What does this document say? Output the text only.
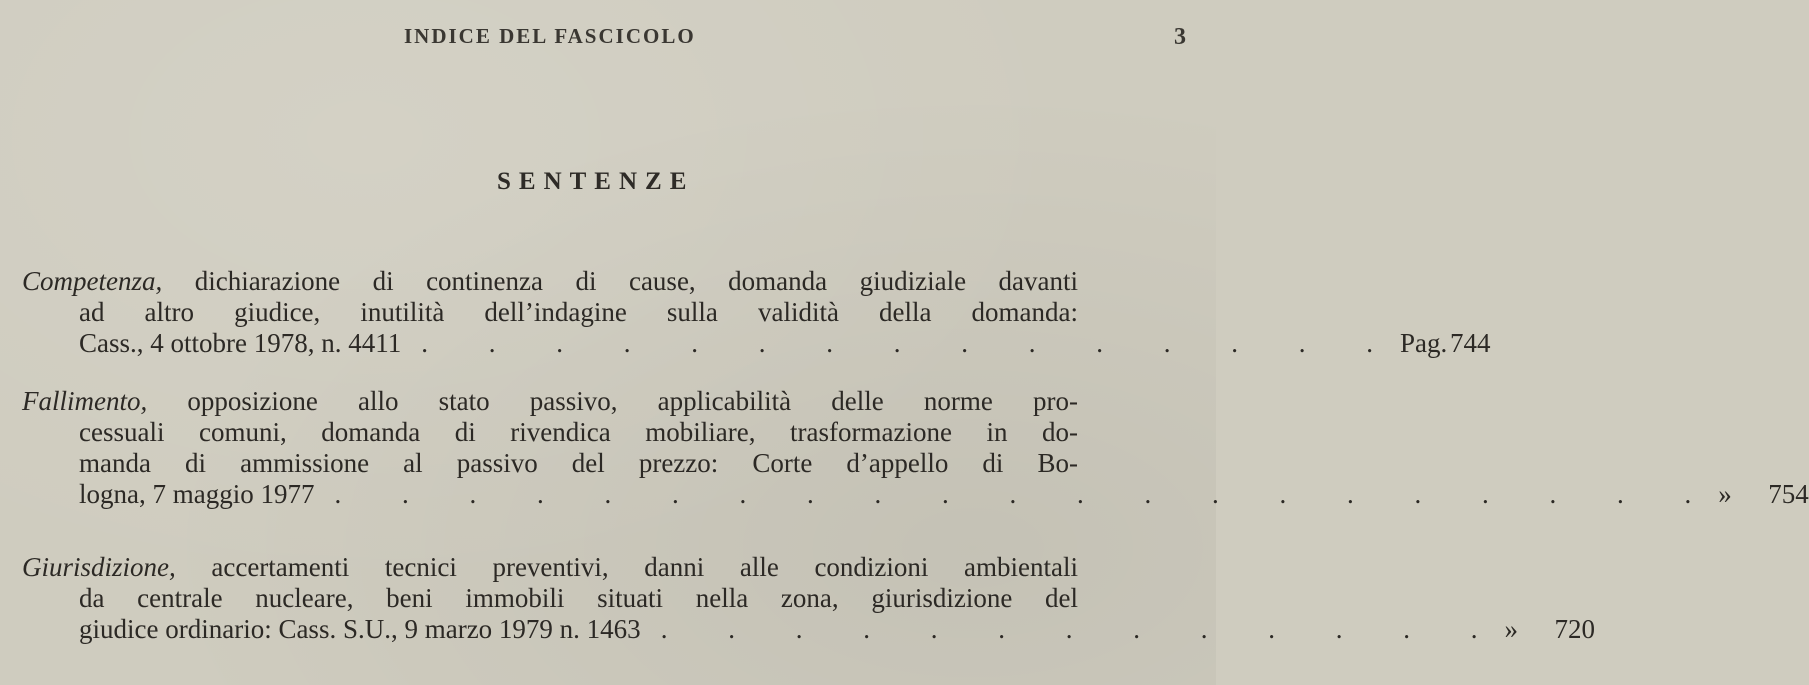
INDICE DEL FASCICOLO	3
SENTENZE
Competenza, dichiarazione di continenza di cause, domanda giudiziale davanti
ad altro giudice, inutilità dell’indagine sulla validità della domanda:
Cass., 4 ottobre 1978, n. 4411 . . . . . . . . . . . . . . . Pag. 744
Fallimento, opposizione allo stato passivo, applicabilità delle norme pro-
cessuali comuni, domanda di rivendica mobiliare, trasformazione in do-
manda di ammissione al passivo del prezzo: Corte d’appello di Bo-
logna, 7 maggio 1977 . . . . . . . . . . . . . . . . . . . . . » 754
Giurisdizione, accertamenti tecnici preventivi, danni alle condizioni ambientali
da centrale nucleare, beni immobili situati nella zona, giurisdizione del
giudice ordinario: Cass. S.U., 9 marzo 1979 n. 1463 . . . . . . . . . . . . . » 720
